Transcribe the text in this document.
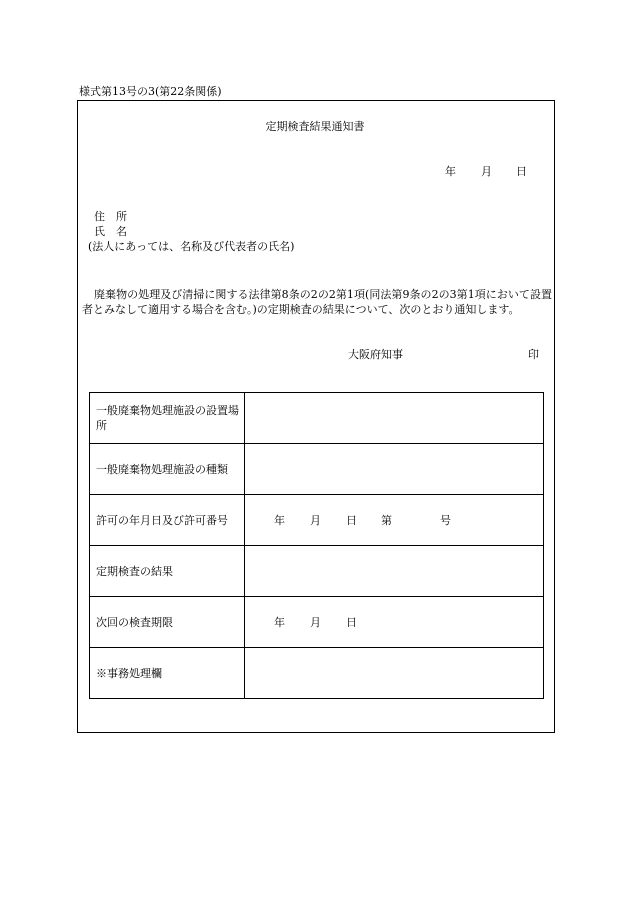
様式第13号の3(第22条関係)
定期検査結果通知書
年 月 日
住　所
氏　名
(法人にあっては、名称及び代表者の氏名)
廃棄物の処理及び清掃に関する法律第8条の2の2第1項(同法第9条の2の3第1項において設置者とみなして適用する場合を含む。)の定期検査の結果について、次のとおり通知します。
大阪府知事	印
一般廃棄物処理施設の設置場所	
一般廃棄物処理施設の種類	
許可の年月日及び許可番号	年 月 日 第 号

定期検査の結果	
次回の検査期限	年 月 日

※事務処理欄	
